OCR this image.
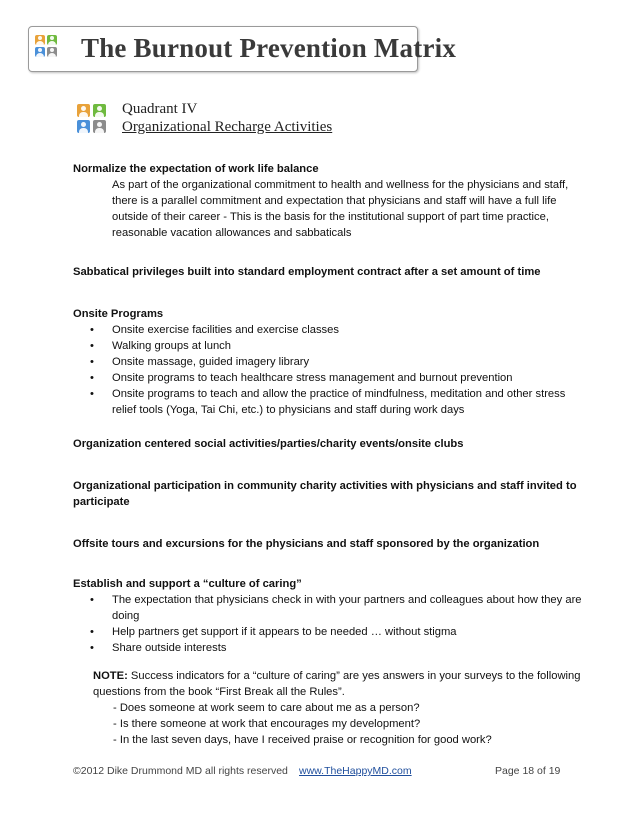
The Burnout Prevention Matrix
Quadrant IV
Organizational Recharge Activities
Normalize the expectation of work life balance
As part of the organizational commitment to health and wellness for the physicians and staff,
there is a parallel commitment and expectation that physicians and staff will have a full life
outside of their career - This is the basis for the institutional support of part time practice,
reasonable vacation allowances and sabbaticals
Sabbatical privileges built into standard employment contract after a set amount of time
Onsite Programs
•	Onsite exercise facilities and exercise classes
•	Walking groups at lunch
•	Onsite massage, guided imagery library
•	Onsite programs to teach healthcare stress management and burnout prevention
•	Onsite programs to teach and allow the practice of mindfulness, meditation and other stress
relief tools (Yoga, Tai Chi, etc.) to physicians and staff during work days
Organization centered social activities/parties/charity events/onsite clubs
Organizational participation in community charity activities with physicians and staff invited to
participate
Offsite tours and excursions for the physicians and staff sponsored by the organization
Establish and support a “culture of caring”
•	The expectation that physicians check in with your partners and colleagues about how they are
doing
•	Help partners get support if it appears to be needed … without stigma
•	Share outside interests
NOTE: Success indicators for a “culture of caring” are yes answers in your surveys to the following
questions from the book “First Break all the Rules”.
- Does someone at work seem to care about me as a person?
- Is there someone at work that encourages my development?
- In the last seven days, have I received praise or recognition for good work?
©2012 Dike Drummond MD all rights reserved www.TheHappyMD.com	Page 18 of 19
